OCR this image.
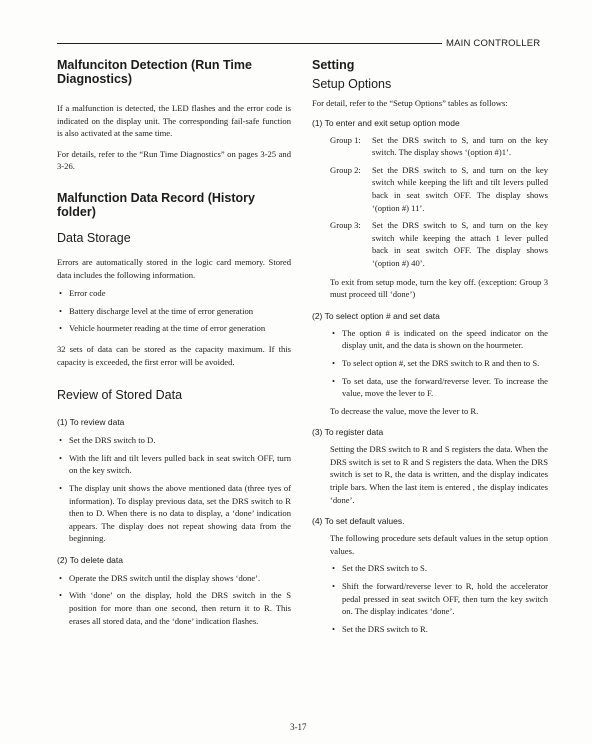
MAIN CONTROLLER
Malfunciton Detection (Run Time Diagnostics)
If a malfunction is detected, the LED flashes and the error code is indicated on the display unit. The corresponding fail-safe function is also activated at the same time.
For details, refer to the “Run Time Diagnostics” on pages 3-25 and 3-26.
Malfunction Data Record (History folder)
Data Storage
Errors are automatically stored in the logic card memory. Stored data includes the following information.
• Error code
• Battery discharge level at the time of error generation
• Vehicle hourmeter reading at the time of error generation
32 sets of data can be stored as the capacity maximum. If this capacity is exceeded, the first error will be avoided.
Review of Stored Data
(1) To review data
• Set the DRS switch to D.
• With the lift and tilt levers pulled back in seat switch OFF, turn on the key switch.
• The display unit shows the above mentioned data (three tyes of information). To display previous data, set the DRS switch to R then to D. When there is no data to display, a ‘done’ indication appears. The display does not repeat showing data from the beginning.
(2) To delete data
• Operate the DRS switch until the display shows ‘done’.
• With ‘done’ on the display, hold the DRS switch in the S position for more than one second, then return it to R. This erases all stored data, and the ‘done’ indication flashes.
Setting
Setup Options
For detail, refer to the “Setup Options” tables as follows:
(1) To enter and exit setup option mode
Group 1:	Set the DRS switch to S, and turn on the key switch. The display shows ‘(option #)1’.
Group 2:	Set the DRS switch to S, and turn on the key switch while keeping the lift and tilt levers pulled back in seat switch OFF. The display shows ‘(option #) 11’.
Group 3:	Set the DRS switch to S, and turn on the key switch while keeping the attach 1 lever pulled back in seat switch OFF. The display shows ‘(option #) 40’.
To exit from setup mode, turn the key off. (exception: Group 3 must proceed till ‘done’)
(2) To select option # and set data
• The option # is indicated on the speed indicator on the display unit, and the data is shown on the hourmeter.
• To select option #, set the DRS switch to R and then to S.
• To set data, use the forward/reverse lever. To increase the value, move the lever to F.
To decrease the value, move the lever to R.
(3) To register data
Setting the DRS switch to R and S registers the data. When the DRS switch is set to R and S registers the data. When the DRS switch is set to R, the data is written, and the display indicates triple bars. When the last item is entered , the display indicates ‘done’.
(4) To set default values.
The following procedure sets default values in the setup option values.
• Set the DRS switch to S.
• Shift the forward/reverse lever to R, hold the accelerator pedal pressed in seat switch OFF, then turn the key switch on. The display indicates ‘done’.
• Set the DRS switch to R.
3-17
